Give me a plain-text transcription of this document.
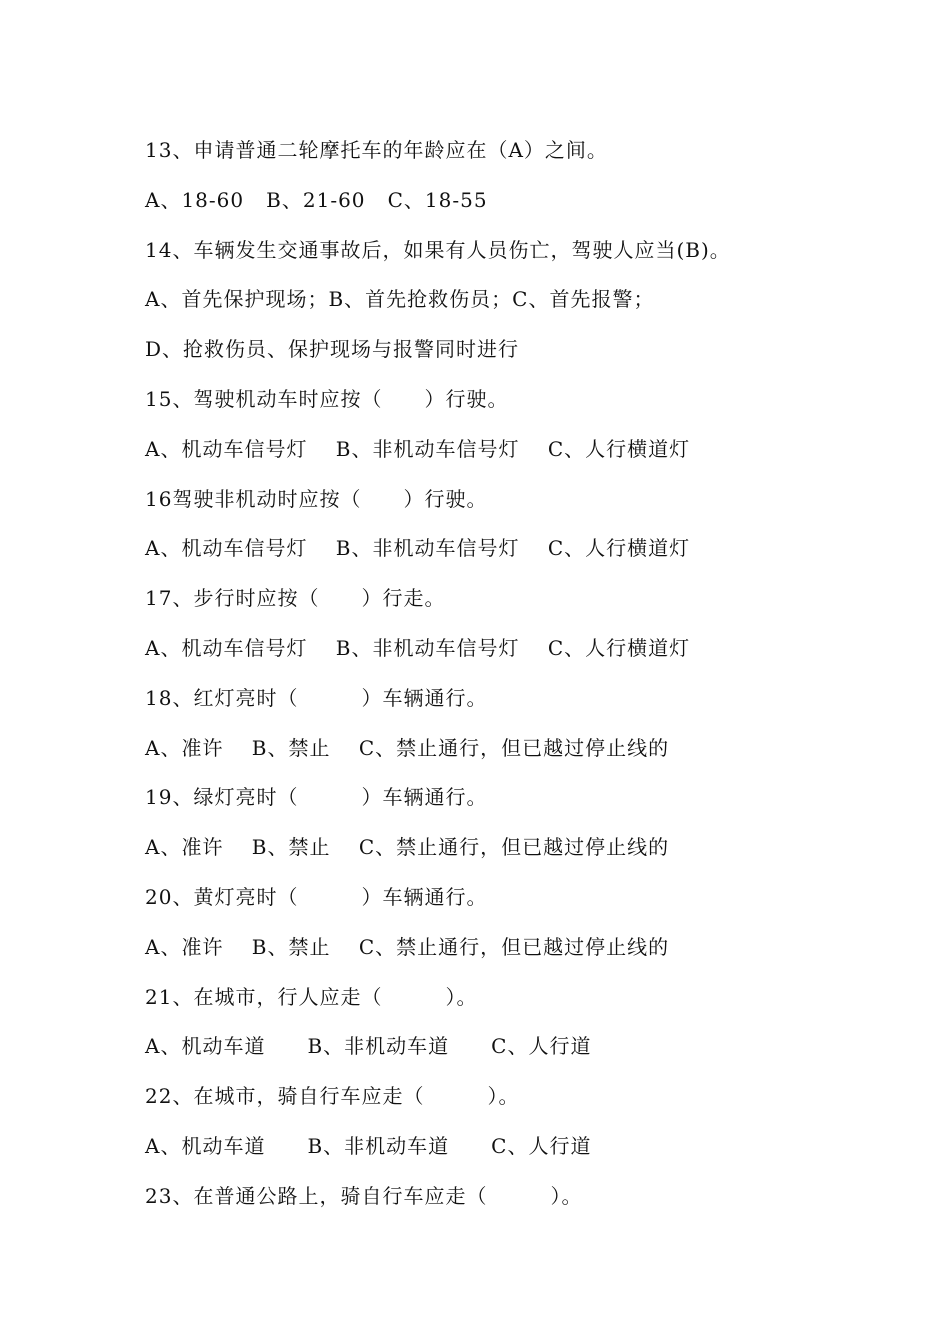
13、申请普通二轮摩托车的年龄应在（A）之间。
A、18-60   B、21-60   C、18-55
14、车辆发生交通事故后，如果有人员伤亡，驾驶人应当(B)。
A、首先保护现场；B、首先抢救伤员；C、首先报警；
D、抢救伤员、保护现场与报警同时进行
15、驾驶机动车时应按（　　）行驶。
A、机动车信号灯　 B、非机动车信号灯　 C、人行横道灯
16驾驶非机动时应按（　　）行驶。
A、机动车信号灯　 B、非机动车信号灯　 C、人行横道灯
17、步行时应按（　　）行走。
A、机动车信号灯　 B、非机动车信号灯　 C、人行横道灯
18、红灯亮时（　　　）车辆通行。
A、准许　 B、禁止　 C、禁止通行，但已越过停止线的
19、绿灯亮时（　　　）车辆通行。
A、准许　 B、禁止　 C、禁止通行，但已越过停止线的
20、黄灯亮时（　　　）车辆通行。
A、准许　 B、禁止　 C、禁止通行，但已越过停止线的
21、在城市，行人应走（　　　）。
A、机动车道　　B、非机动车道　　C、人行道
22、在城市，骑自行车应走（　　　）。
A、机动车道　　B、非机动车道　　C、人行道
23、在普通公路上，骑自行车应走（　　　）。
